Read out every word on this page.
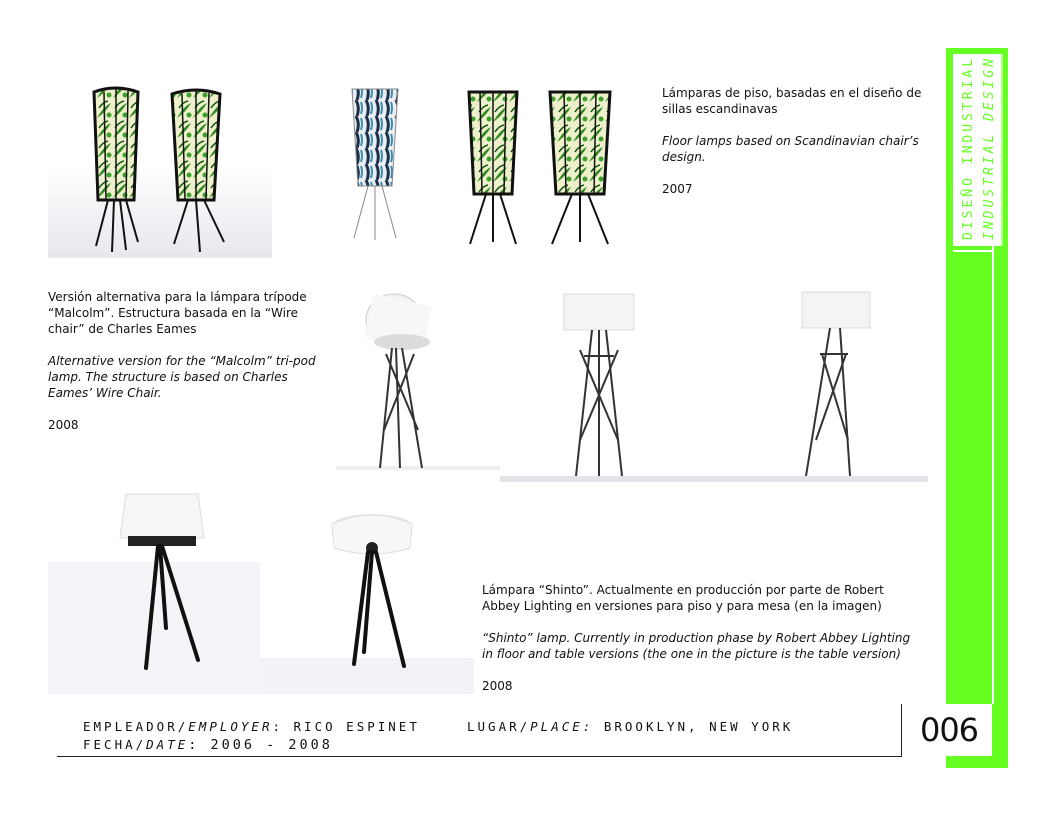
DISEÑO INDUSTRIAL INDUSTRIAL DESIGN
006

Lámparas de piso, basadas en el diseño de sillas escandinavas

Floor lamps based on Scandinavian chair’s design.

2007

Versión alternativa para la lámpara trípode “Malcolm”. Estructura basada en la “Wire chair” de Charles Eames

Alternative version for the “Malcolm” tri-pod lamp. The structure is based on Charles Eames’ Wire Chair.

2008

Lámpara “Shinto”. Actualmente en producción por parte de Robert Abbey Lighting en versiones para piso y para mesa (en la imagen)

“Shinto” lamp. Currently in production phase by Robert Abbey Lighting in floor and table versions (the one in the picture is the table version)

2008

EMPLEADOR/EMPLOYER: RICO ESPINET	LUGAR/PLACE: BROOKLYN, NEW YORK
FECHA/DATE: 2006 - 2008
